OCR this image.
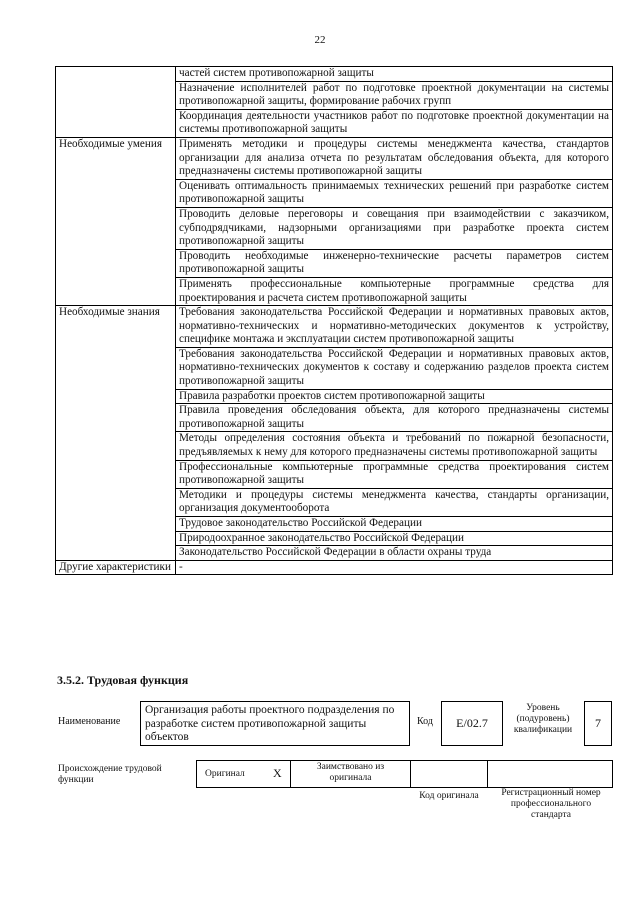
22
	частей систем противопожарной защиты
	Назначение исполнителей работ по подготовке проектной документации на системы противопожарной защиты, формирование рабочих групп
	Координация деятельности участников работ по подготовке проектной документации на системы противопожарной защиты
Необходимые умения	Применять методики и процедуры системы менеджмента качества, стандартов организации для анализа отчета по результатам обследования объекта, для которого предназначены системы противопожарной защиты
	Оценивать оптимальность принимаемых технических решений при разработке систем противопожарной защиты
	Проводить деловые переговоры и совещания при взаимодействии с заказчиком, субподрядчиками, надзорными организациями при разработке проекта систем противопожарной защиты
	Проводить необходимые инженерно-технические расчеты параметров систем противопожарной защиты
	Применять профессиональные компьютерные программные средства для проектирования и расчета систем противопожарной защиты
Необходимые знания	Требования законодательства Российской Федерации и нормативных правовых актов, нормативно-технических и нормативно-методических документов к устройству, специфике монтажа и эксплуатации систем противопожарной защиты
	Требования законодательства Российской Федерации и нормативных правовых актов, нормативно-технических документов к составу и содержанию разделов проекта систем противопожарной защиты
	Правила разработки проектов систем противопожарной защиты
	Правила проведения обследования объекта, для которого предназначены системы противопожарной защиты
	Методы определения состояния объекта и требований по пожарной безопасности, предъявляемых к нему для которого предназначены системы противопожарной защиты
	Профессиональные компьютерные программные средства проектирования систем противопожарной защиты
	Методики и процедуры системы менеджмента качества, стандарты организации, организация документооборота
	Трудовое законодательство Российской Федерации
	Природоохранное законодательство Российской Федерации
	Законодательство Российской Федерации в области охраны труда
Другие характеристики	-
3.5.2. Трудовая функция
Наименование
Организация работы проектного подразделения по разработке систем противопожарной защиты объектов
Код	E/02.7
Уровень (подуровень) квалификации	7
Происхождение трудовой функции
Оригинал X	Заимствовано из оригинала
Код оригинала	Регистрационный номер профессионального стандарта
